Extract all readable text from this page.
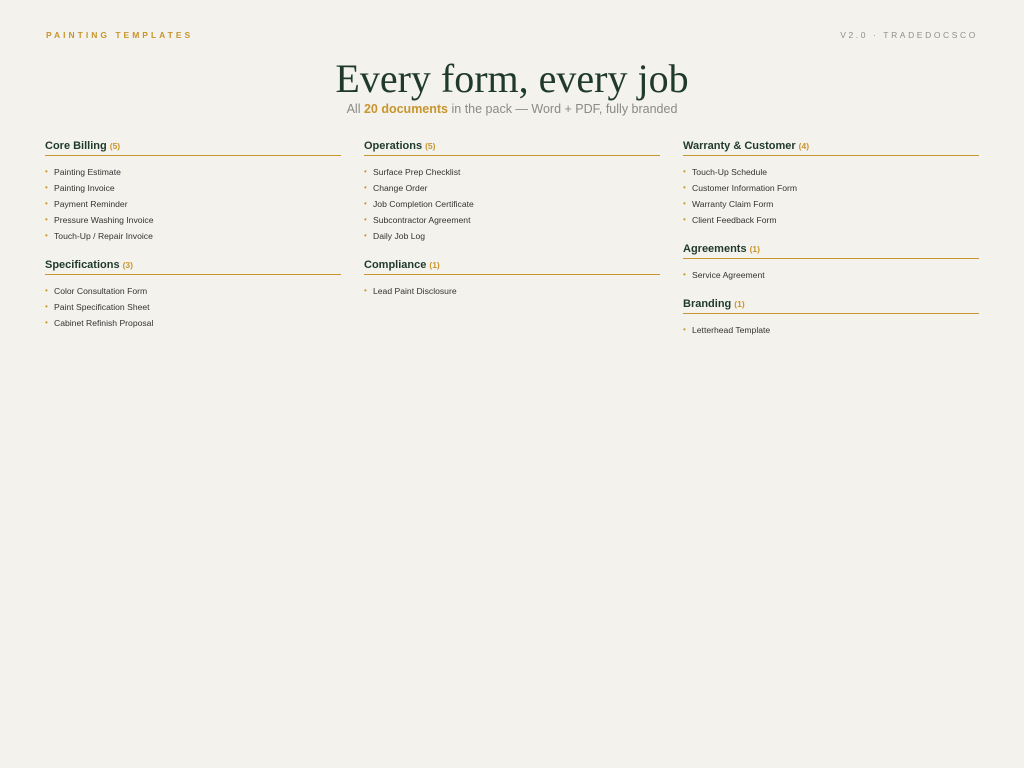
PAINTING TEMPLATES	V2.0 · TRADEDOCSCO
Every form, every job
All 20 documents in the pack — Word + PDF, fully branded
Core Billing (5)
• Painting Estimate
• Painting Invoice
• Payment Reminder
• Pressure Washing Invoice
• Touch-Up / Repair Invoice
Specifications (3)
• Color Consultation Form
• Paint Specification Sheet
• Cabinet Refinish Proposal
Operations (5)
• Surface Prep Checklist
• Change Order
• Job Completion Certificate
• Subcontractor Agreement
• Daily Job Log
Compliance (1)
• Lead Paint Disclosure
Warranty & Customer (4)
• Touch-Up Schedule
• Customer Information Form
• Warranty Claim Form
• Client Feedback Form
Agreements (1)
• Service Agreement
Branding (1)
• Letterhead Template
